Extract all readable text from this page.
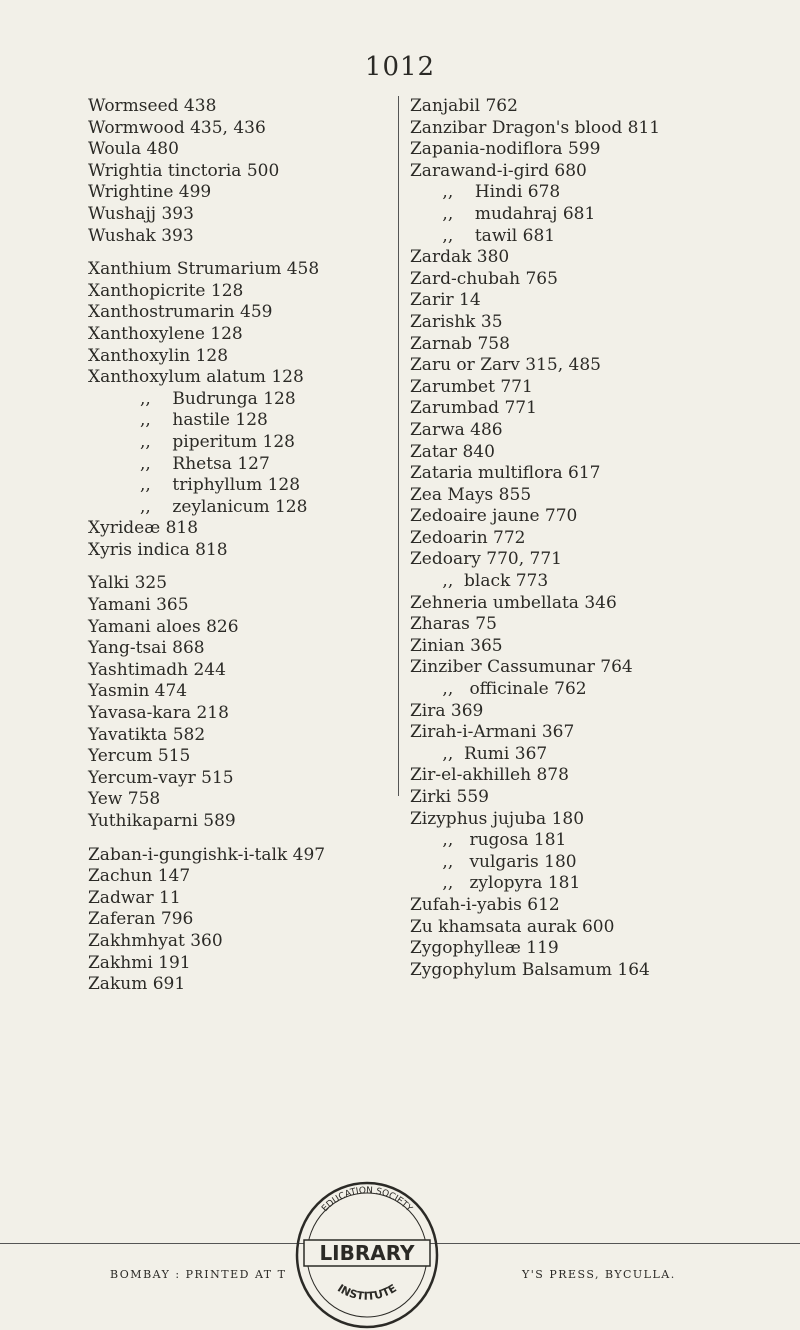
1012
Wormseed 438
Wormwood 435, 436
Woula 480
Wrightia tinctoria 500
Wrightine 499
Wushajj 393
Wushak 393
Xanthium Strumarium 458
Xanthopicrite 128
Xanthostrumarin 459
Xanthoxylene 128
Xanthoxylin 128
Xanthoxylum alatum 128
,,    Budrunga 128
,,    hastile 128
,,    piperitum 128
,,    Rhetsa 127
,,    triphyllum 128
,,    zeylanicum 128
Xyrideæ 818
Xyris indica 818
Yalki 325
Yamani 365
Yamani aloes 826
Yang-tsai 868
Yashtimadh 244
Yasmin 474
Yavasa-kara 218
Yavatikta 582
Yercum 515
Yercum-vayr 515
Yew 758
Yuthikaparni 589
Zaban-i-gungishk-i-talk 497
Zachun 147
Zadwar 11
Zaferan 796
Zakhmhyat 360
Zakhmi 191
Zakum 691
Zanjabil 762
Zanzibar Dragon's blood 811
Zapania-nodiflora 599
Zarawand-i-gird 680
,,    Hindi 678
,,    mudahraj 681
,,    tawil 681
Zardak 380
Zard-chubah 765
Zarir 14
Zarishk 35
Zarnab 758
Zaru or Zarv 315, 485
Zarumbet 771
Zarumbad 771
Zarwa 486
Zatar 840
Zataria multiflora 617
Zea Mays 855
Zedoaire jaune 770
Zedoarin 772
Zedoary 770, 771
,,  black 773
Zehneria umbellata 346
Zharas 75
Zinian 365
Zinziber Cassumunar 764
,,   officinale 762
Zira 369
Zirah-i-Armani 367
,,  Rumi 367
Zir-el-akhilleh 878
Zirki 559
Zizyphus jujuba 180
,,   rugosa 181
,,   vulgaris 180
,,   zylopyra 181
Zufah-i-yabis 612
Zu khamsata aurak 600
Zygophylleæ 119
Zygophylum Balsamum 164
BOMBAY : PRINTED AT T	Y'S PRESS, BYCULLA.
EDUCATION SOCIETY
LIBRARY
INSTITUTE
